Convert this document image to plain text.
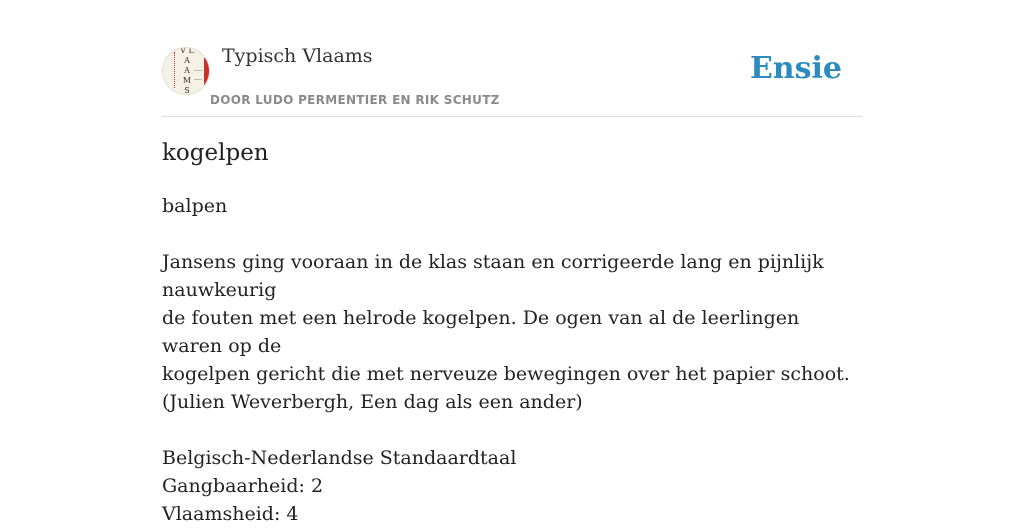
V L A A M S
Typisch Vlaams
DOOR LUDO PERMENTIER EN RIK SCHUTZ
Ensie
kogelpen

balpen

Jansens ging vooraan in de klas staan en corrigeerde lang en pijnlijk nauwkeurig

de fouten met een helrode kogelpen. De ogen van al de leerlingen waren op de

kogelpen gericht die met nerveuze bewegingen over het papier schoot.

(Julien Weverbergh, Een dag als een ander)

Belgisch-Nederlandse Standaardtaal

Gangbaarheid: 2

Vlaamsheid: 4
